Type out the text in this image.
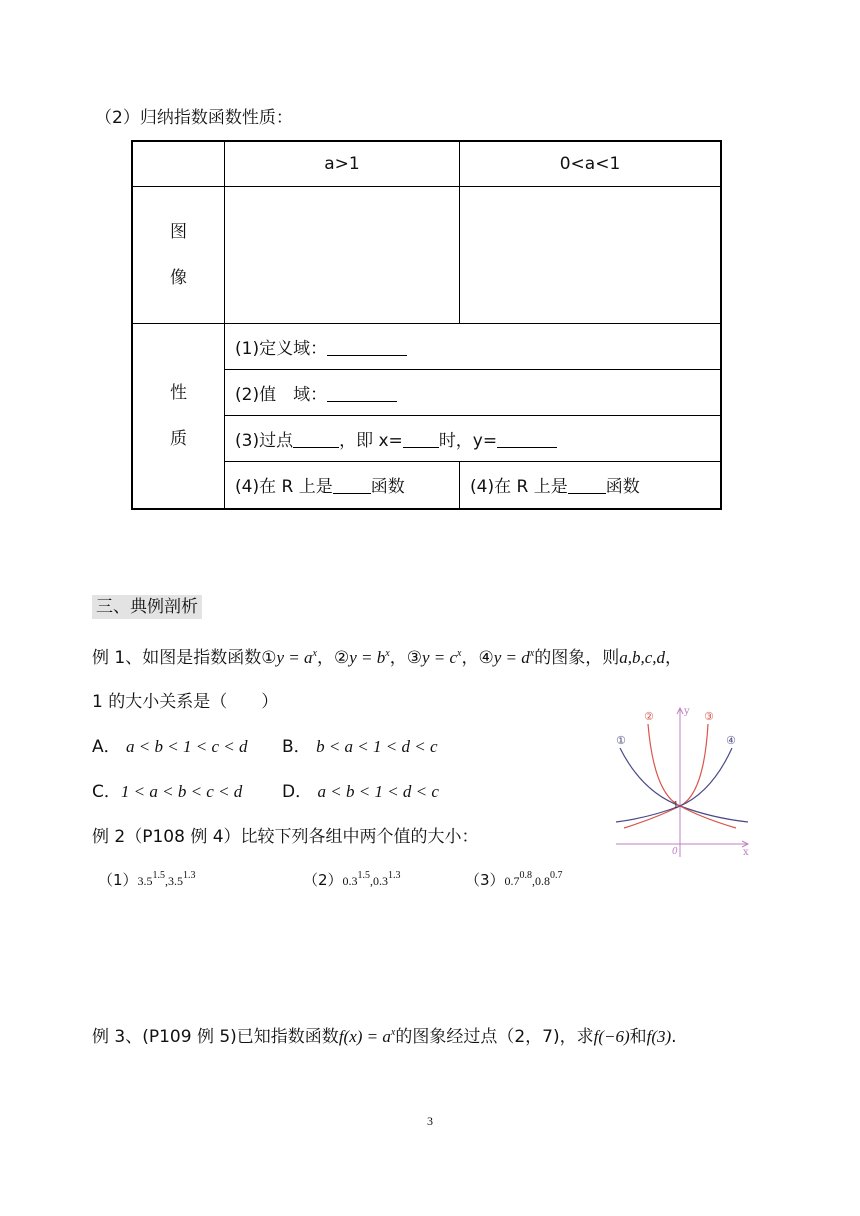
（2）归纳指数函数性质：
	a>1	0<a<1

图
像		

性
质	(1)定义域：	
	(2)值　域：	
	(3)过点 ，即 x= 时，y=	
	(4)在 R 上是 函数	(4)在 R 上是 函数
三、典例剖析
例 1、如图是指数函数①y = $a^x$，②y = $b^x$，③y = $c^x$，④y = $d^x$的图象，则a,b,c,d，
1 的大小关系是（　　）
A． a < b < 1 < c < d B． b < a < 1 < d < c
C．1 < a < b < c < d D． a < b < 1 < d < c
①
②	③
④
y
x
0
1
例 2（P108 例 4）比较下列各组中两个值的大小：
$(1)3.5^{1.5},3.5^{1.3}$	$(2)0.3^{1.5},0.3^{1.3}$	$(3)0.7^{0.8},0.8^{0.7}$
例 3、(P109 例 5)已知指数函数$f(x) = a^x$的图象经过点（2，7)，求f(−6)和f(3).
3
